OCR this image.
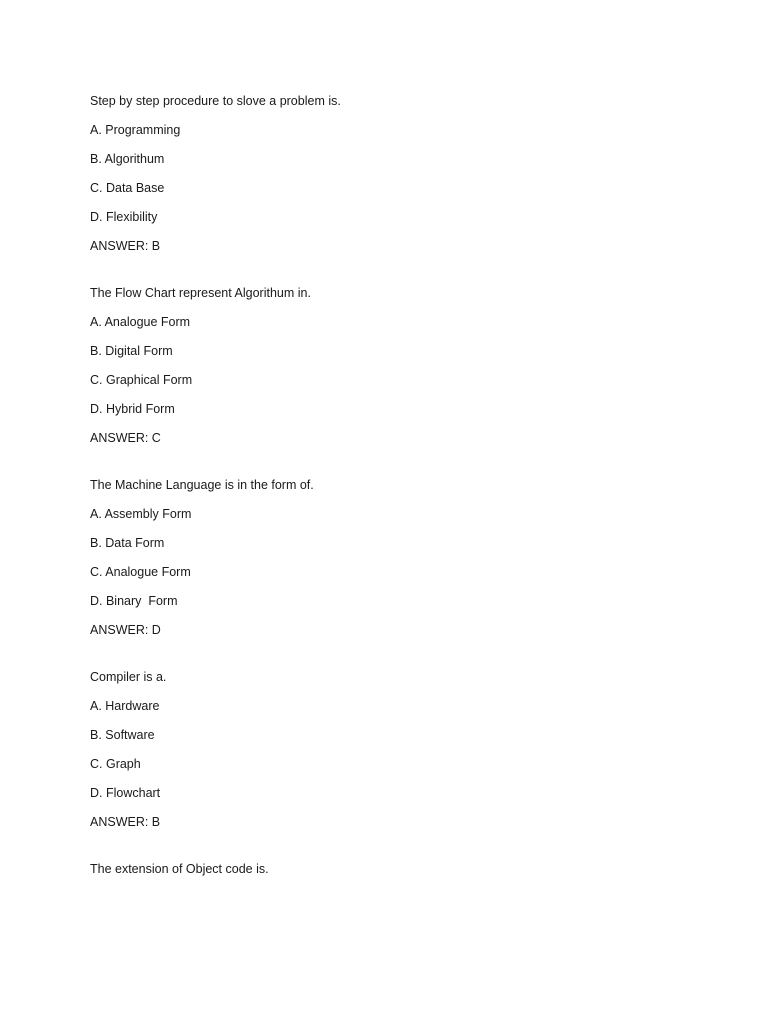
Step by step procedure to slove a problem is.
A. Programming
B. Algorithum
C. Data Base
D. Flexibility
ANSWER: B
The Flow Chart represent Algorithum in.
A. Analogue Form
B. Digital Form
C. Graphical Form
D. Hybrid Form
ANSWER: C
The Machine Language is in the form of.
A. Assembly Form
B. Data Form
C. Analogue Form
D. Binary  Form
ANSWER: D
Compiler is a.
A. Hardware
B. Software
C. Graph
D. Flowchart
ANSWER: B
The extension of Object code is.
